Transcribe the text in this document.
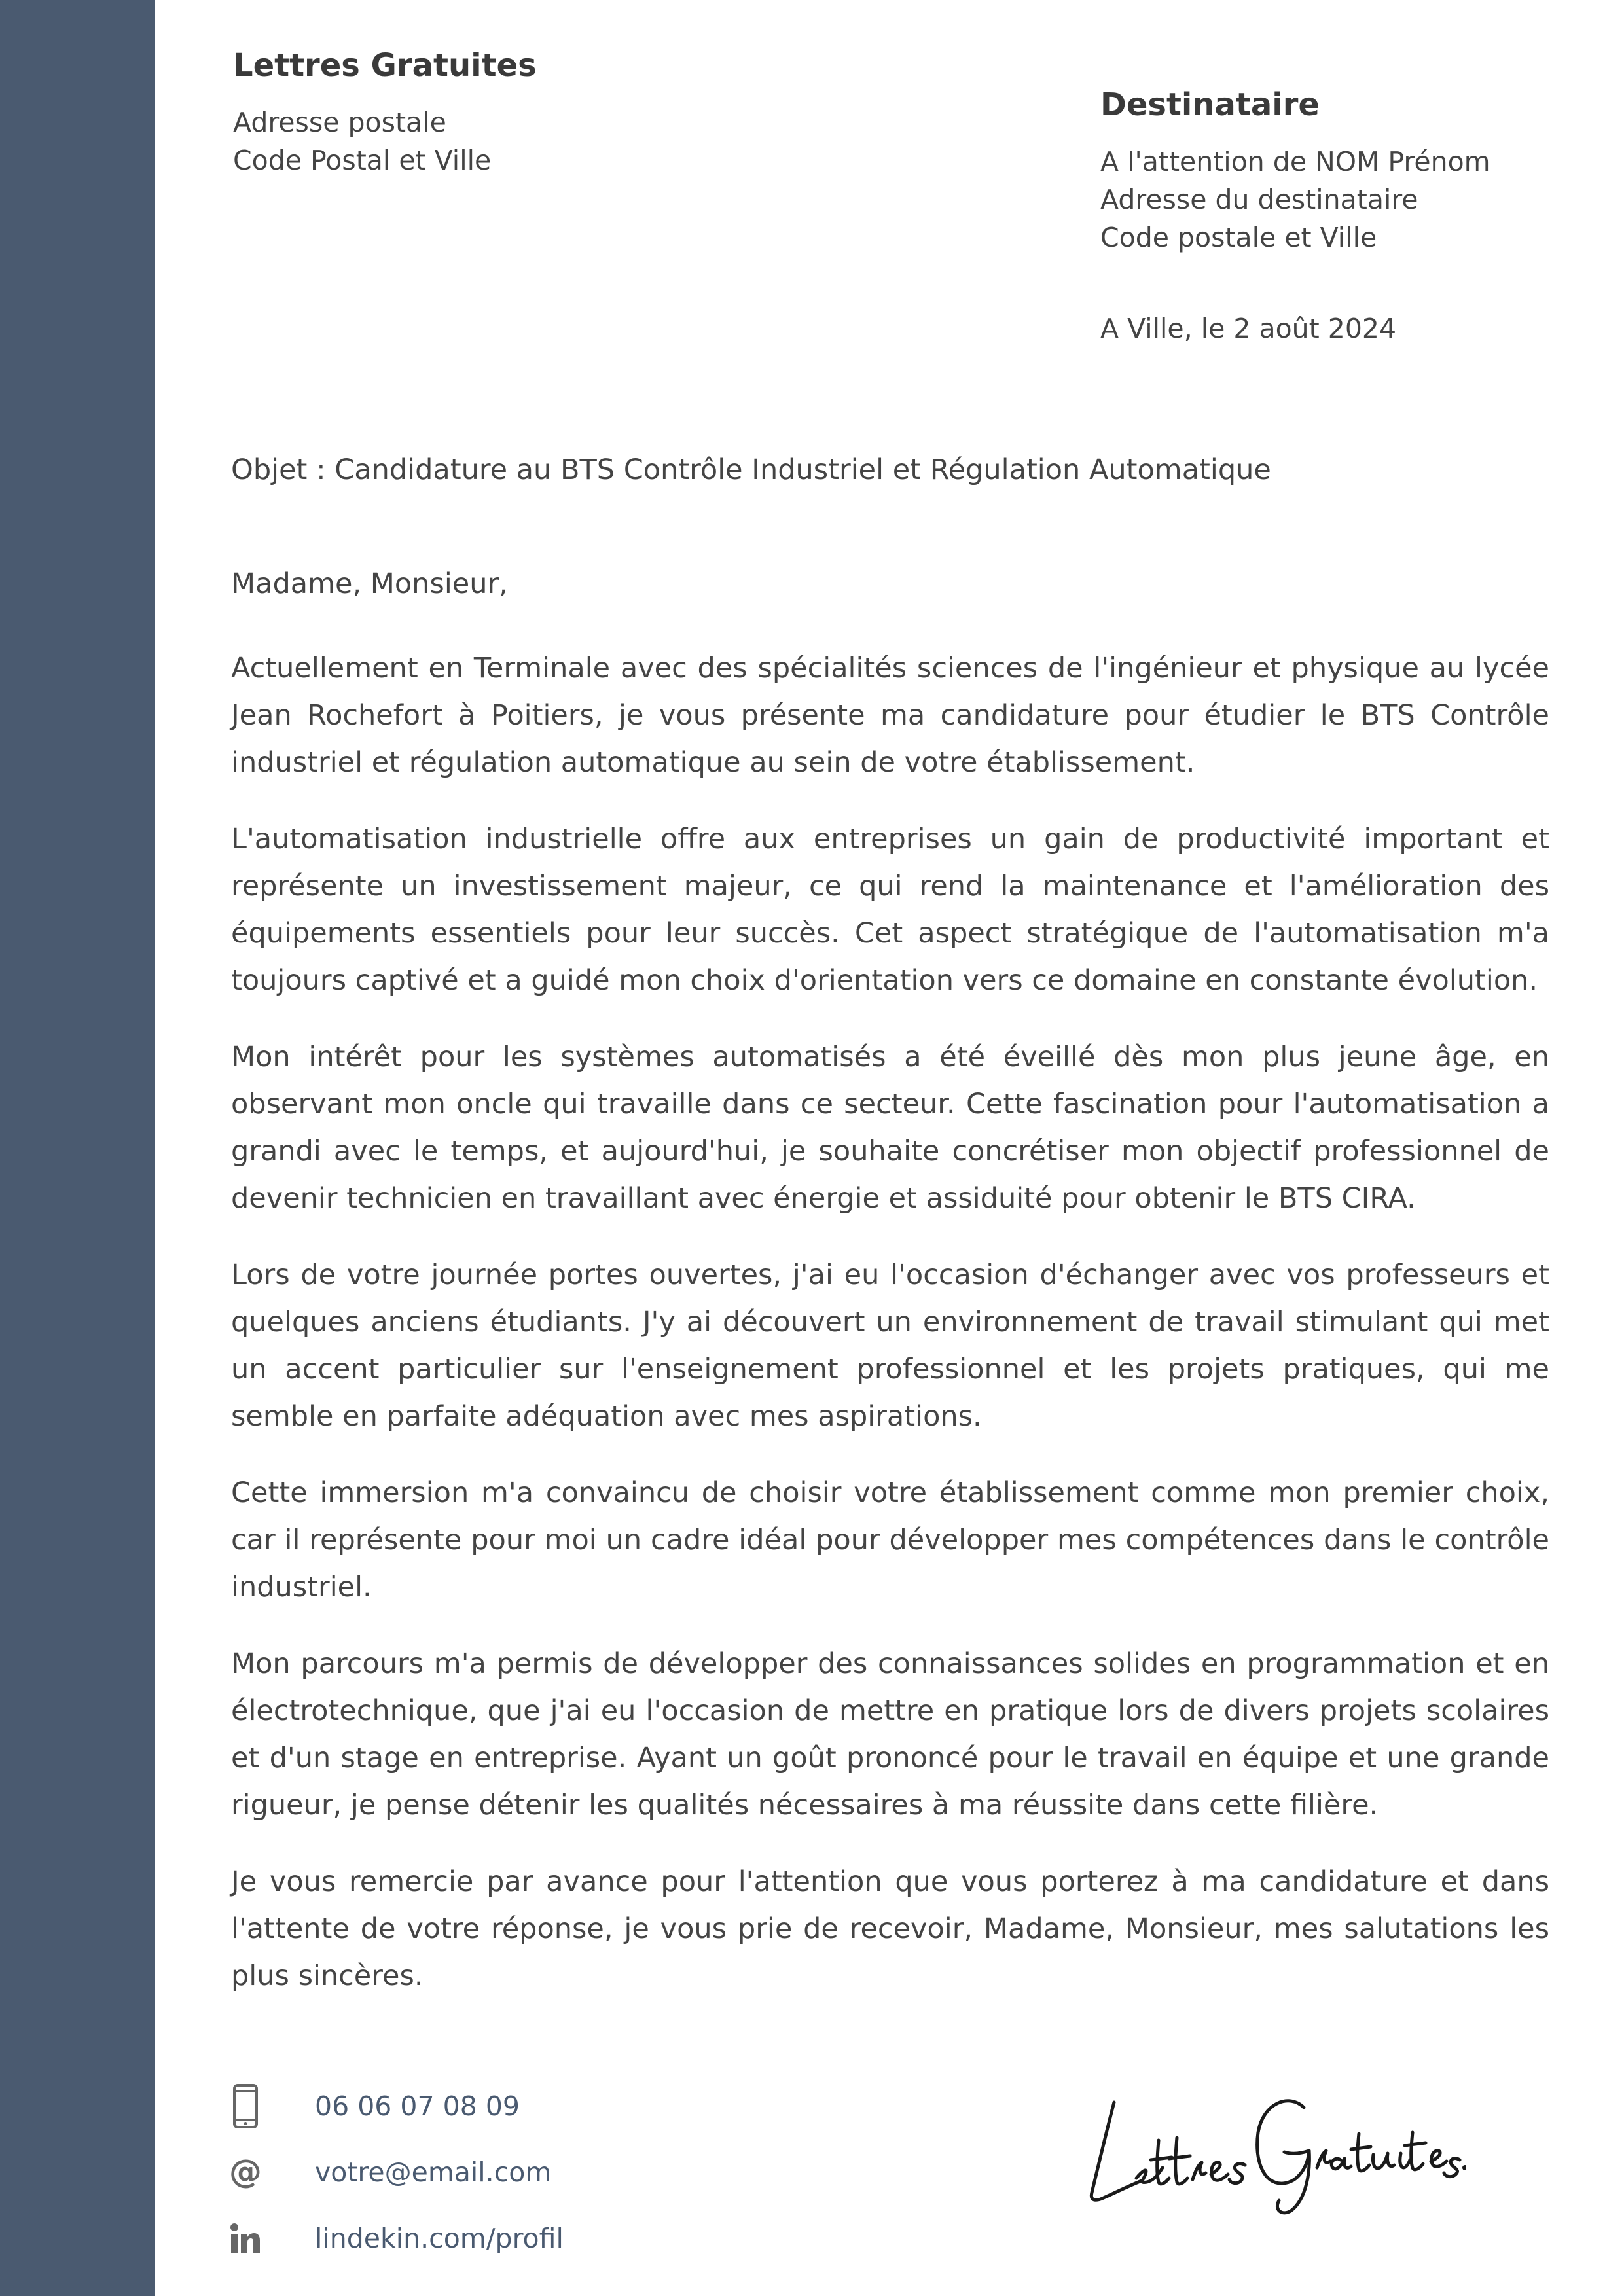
Lettres Gratuites
Adresse postale
Code Postal et Ville
Destinataire
A l'attention de NOM Prénom
Adresse du destinataire
Code postale et Ville
A Ville, le 2 août 2024
Objet : Candidature au BTS Contrôle Industriel et Régulation Automatique
Madame, Monsieur,

Actuellement en Terminale avec des spécialités sciences de l'ingénieur et physique au lycée Jean Rochefort à Poitiers, je vous présente ma candidature pour étudier le BTS Contrôle industriel et régulation automatique au sein de votre établissement.

L'automatisation industrielle offre aux entreprises un gain de productivité important et représente un investissement majeur, ce qui rend la maintenance et l'amélioration des équipements essentiels pour leur succès. Cet aspect stratégique de l'automatisation m'a toujours captivé et a guidé mon choix d'orientation vers ce domaine en constante évolution.

Mon intérêt pour les systèmes automatisés a été éveillé dès mon plus jeune âge, en observant mon oncle qui travaille dans ce secteur. Cette fascination pour l'automatisation a grandi avec le temps, et aujourd'hui, je souhaite concrétiser mon objectif professionnel de devenir technicien en travaillant avec énergie et assiduité pour obtenir le BTS CIRA.

Lors de votre journée portes ouvertes, j'ai eu l'occasion d'échanger avec vos professeurs et quelques anciens étudiants. J'y ai découvert un environnement de travail stimulant qui met un accent particulier sur l'enseignement professionnel et les projets pratiques, qui me semble en parfaite adéquation avec mes aspirations.

Cette immersion m'a convaincu de choisir votre établissement comme mon premier choix, car il représente pour moi un cadre idéal pour développer mes compétences dans le contrôle industriel.

Mon parcours m'a permis de développer des connaissances solides en programmation et en électrotechnique, que j'ai eu l'occasion de mettre en pratique lors de divers projets scolaires et d'un stage en entreprise. Ayant un goût prononcé pour le travail en équipe et une grande rigueur, je pense détenir les qualités nécessaires à ma réussite dans cette filière.

Je vous remercie par avance pour l'attention que vous porterez à ma candidature et dans l'attente de votre réponse, je vous prie de recevoir, Madame, Monsieur, mes salutations les plus sincères.

06 06 07 08 09
@ votre@email.com
lindekin.com/profil
